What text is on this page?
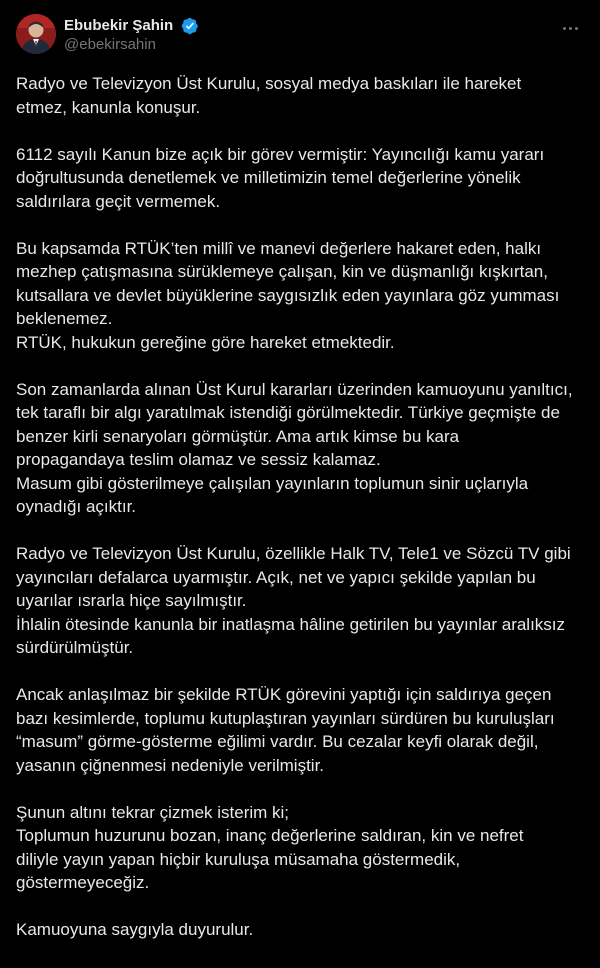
Ebubekir Şahin
@ebekirsahin
Radyo ve Televizyon Üst Kurulu, sosyal medya baskıları ile hareket
etmez, kanunla konuşur.
6112 sayılı Kanun bize açık bir görev vermiştir: Yayıncılığı kamu yararı
doğrultusunda denetlemek ve milletimizin temel değerlerine yönelik
saldırılara geçit vermemek.
Bu kapsamda RTÜK’ten millî ve manevi değerlere hakaret eden, halkı
mezhep çatışmasına sürüklemeye çalışan, kin ve düşmanlığı kışkırtan,
kutsallara ve devlet büyüklerine saygısızlık eden yayınlara göz yumması
beklenemez.
RTÜK, hukukun gereğine göre hareket etmektedir.
Son zamanlarda alınan Üst Kurul kararları üzerinden kamuoyunu yanıltıcı,
tek taraflı bir algı yaratılmak istendiği görülmektedir. Türkiye geçmişte de
benzer kirli senaryoları görmüştür. Ama artık kimse bu kara
propagandaya teslim olamaz ve sessiz kalamaz.
Masum gibi gösterilmeye çalışılan yayınların toplumun sinir uçlarıyla
oynadığı açıktır.
Radyo ve Televizyon Üst Kurulu, özellikle Halk TV, Tele1 ve Sözcü TV gibi
yayıncıları defalarca uyarmıştır. Açık, net ve yapıcı şekilde yapılan bu
uyarılar ısrarla hiçe sayılmıştır.
İhlalin ötesinde kanunla bir inatlaşma hâline getirilen bu yayınlar aralıksız
sürdürülmüştür.
Ancak anlaşılmaz bir şekilde RTÜK görevini yaptığı için saldırıya geçen
bazı kesimlerde, toplumu kutuplaştıran yayınları sürdüren bu kuruluşları
“masum” görme-gösterme eğilimi vardır. Bu cezalar keyfi olarak değil,
yasanın çiğnenmesi nedeniyle verilmiştir.
Şunun altını tekrar çizmek isterim ki;
Toplumun huzurunu bozan, inanç değerlerine saldıran, kin ve nefret
diliyle yayın yapan hiçbir kuruluşa müsamaha göstermedik,
göstermeyeceğiz.
Kamuoyuna saygıyla duyurulur.
